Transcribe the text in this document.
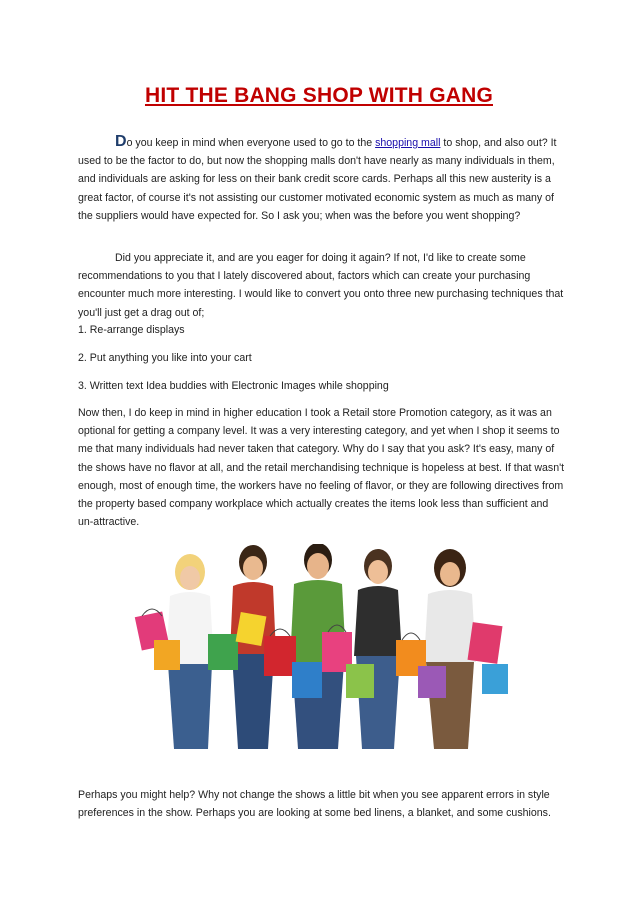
HIT THE BANG SHOP WITH GANG

Do you keep in mind when everyone used to go to the shopping mall to shop, and also out? It used to be the factor to do, but now the shopping malls don't have nearly as many individuals in them, and individuals are asking for less on their bank credit score cards. Perhaps all this new austerity is a great factor, of course it's not assisting our customer motivated economic system as much as many of the suppliers would have expected for. So I ask you; when was the before you went shopping?

Did you appreciate it, and are you eager for doing it again? If not, I'd like to create some recommendations to you that I lately discovered about, factors which can create your purchasing encounter much more interesting. I would like to convert you onto three new purchasing techniques that you'll just get a drag out of;

1. Re-arrange displays
2. Put anything you like into your cart
3. Written text Idea buddies with Electronic Images while shopping

Now then, I do keep in mind in higher education I took a Retail store Promotion category, as it was an optional for getting a company level. It was a very interesting category, and yet when I shop it seems to me that many individuals had never taken that category. Why do I say that you ask? It's easy, many of the shows have no flavor at all, and the retail merchandising technique is hopeless at best. If that wasn't enough, most of enough time, the workers have no feeling of flavor, or they are following directives from the property based company workplace which actually creates the items look less than sufficient and un-attractive.

Perhaps you might help? Why not change the shows a little bit when you see apparent errors in style preferences in the show. Perhaps you are looking at some bed linens, a blanket, and some cushions.
